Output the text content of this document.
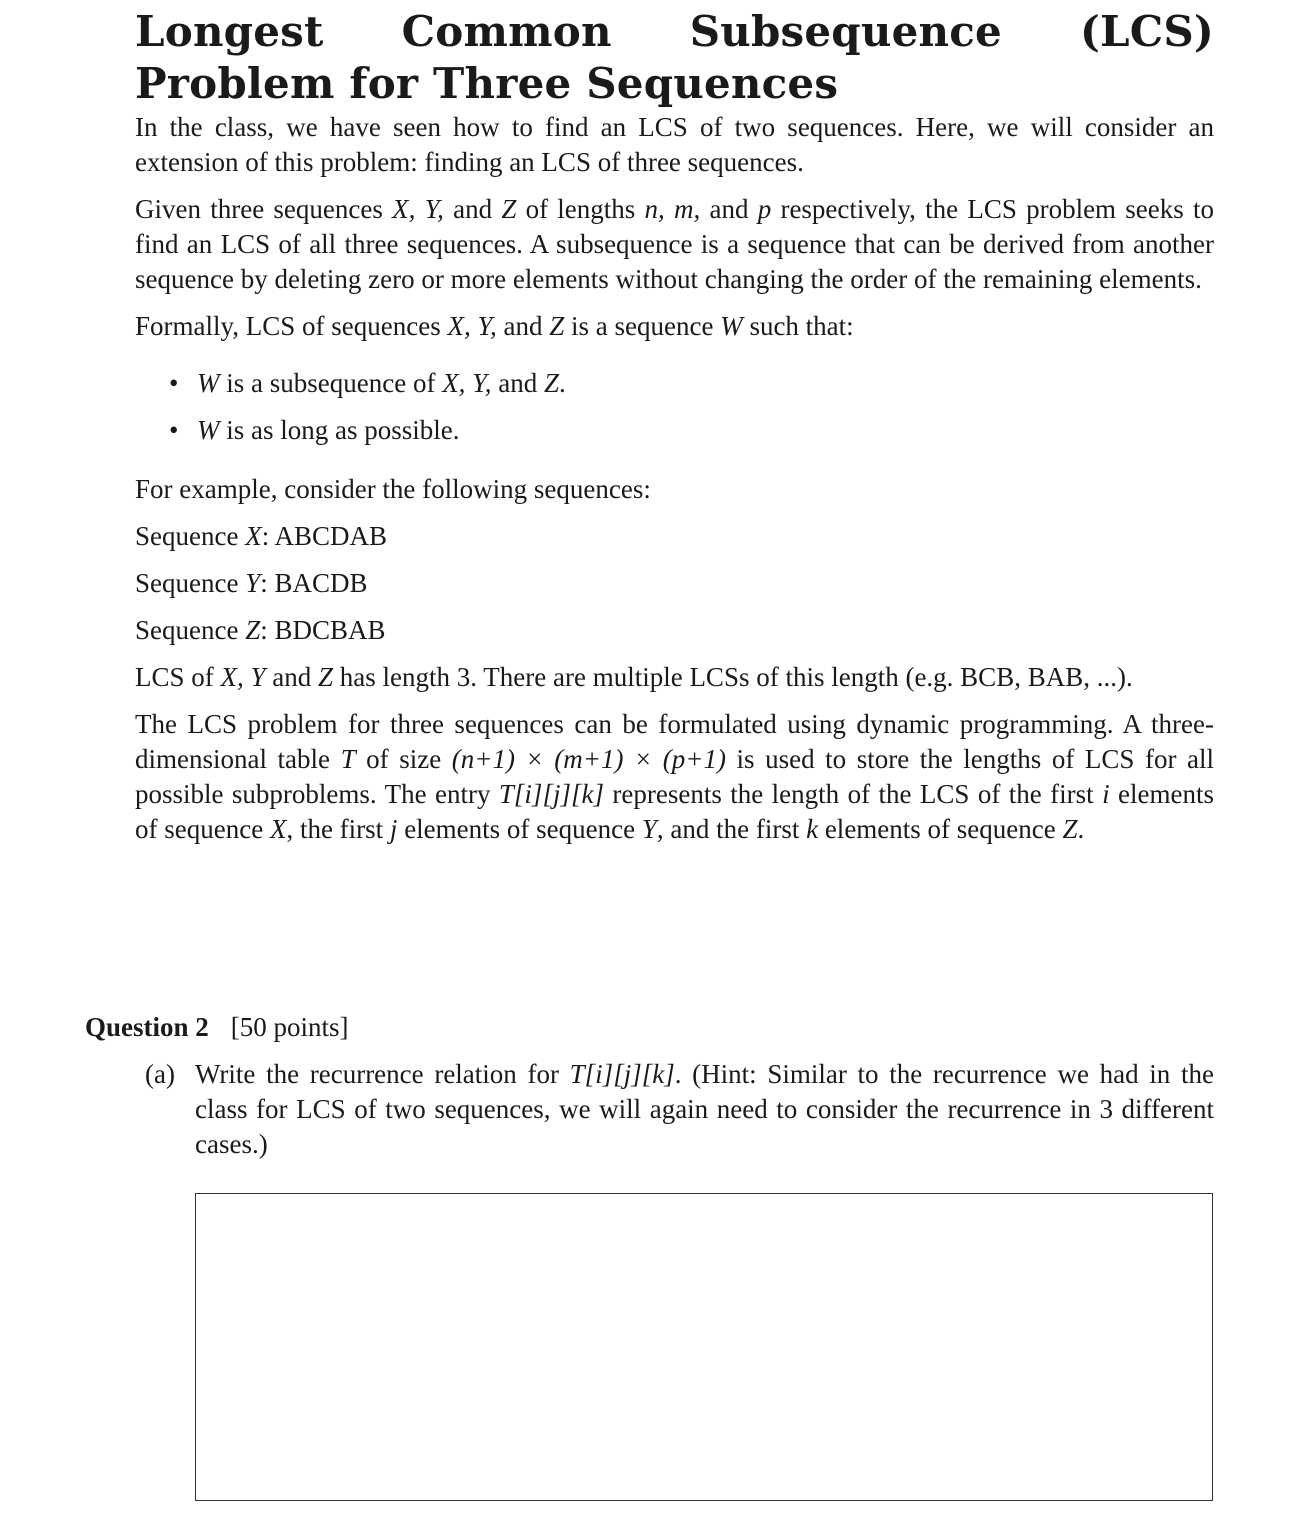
Longest Common Subsequence (LCS) Problem for Three Sequences

In the class, we have seen how to find an LCS of two sequences. Here, we will consider an extension of this problem: finding an LCS of three sequences.

Given three sequences X, Y, and Z of lengths n, m, and p respectively, the LCS problem seeks to find an LCS of all three sequences. A subsequence is a sequence that can be derived from another sequence by deleting zero or more elements without changing the order of the remaining elements.

Formally, LCS of sequences X, Y, and Z is a sequence W such that:

• W is a subsequence of X, Y, and Z.
• W is as long as possible.

For example, consider the following sequences:

Sequence X: ABCDAB

Sequence Y: BACDB

Sequence Z: BDCBAB

LCS of X, Y and Z has length 3. There are multiple LCSs of this length (e.g. BCB, BAB, ...).

The LCS problem for three sequences can be formulated using dynamic programming. A three-dimensional table T of size (n+1) × (m+1) × (p+1) is used to store the lengths of LCS for all possible subproblems. The entry T[i][j][k] represents the length of the LCS of the first i elements of sequence X, the first j elements of sequence Y, and the first k elements of sequence Z.

Question 2 [50 points]
(a) Write the recurrence relation for T[i][j][k]. (Hint: Similar to the recurrence we had in the class for LCS of two sequences, we will again need to consider the recurrence in 3 different cases.)
